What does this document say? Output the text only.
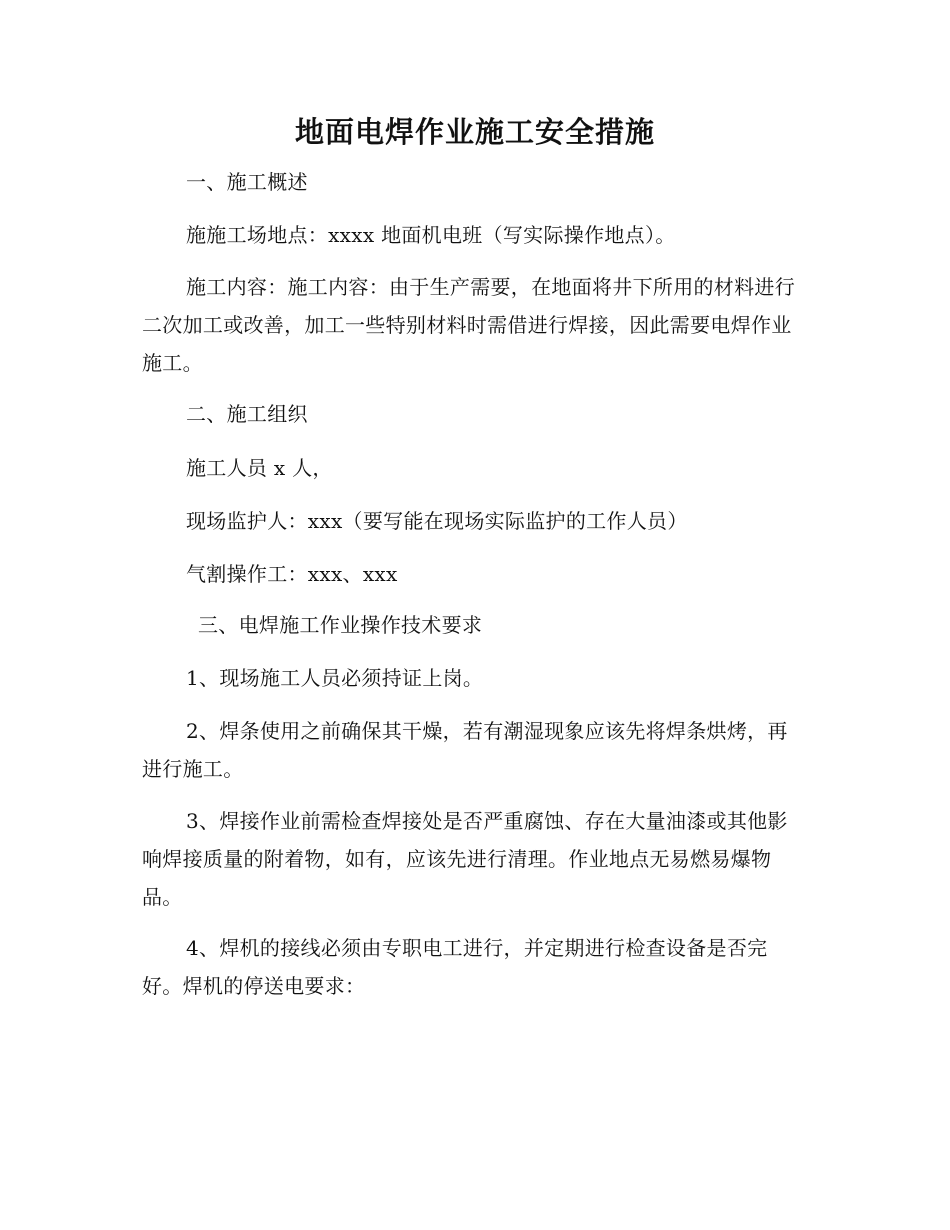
地面电焊作业施工安全措施
一、施工概述
施施工场地点：xxxx 地面机电班（写实际操作地点）。
施工内容：施工内容：由于生产需要，在地面将井下所用的材料进行二次加工或改善，加工一些特别材料时需借进行焊接，因此需要电焊作业施工。
二、施工组织
施工人员 x 人，
现场监护人：xxx（要写能在现场实际监护的工作人员）
气割操作工：xxx、xxx
三、电焊施工作业操作技术要求
1、现场施工人员必须持证上岗。
2、焊条使用之前确保其干燥，若有潮湿现象应该先将焊条烘烤，再进行施工。
3、焊接作业前需检查焊接处是否严重腐蚀、存在大量油漆或其他影响焊接质量的附着物，如有，应该先进行清理。作业地点无易燃易爆物品。
4、焊机的接线必须由专职电工进行，并定期进行检查设备是否完好。焊机的停送电要求：
